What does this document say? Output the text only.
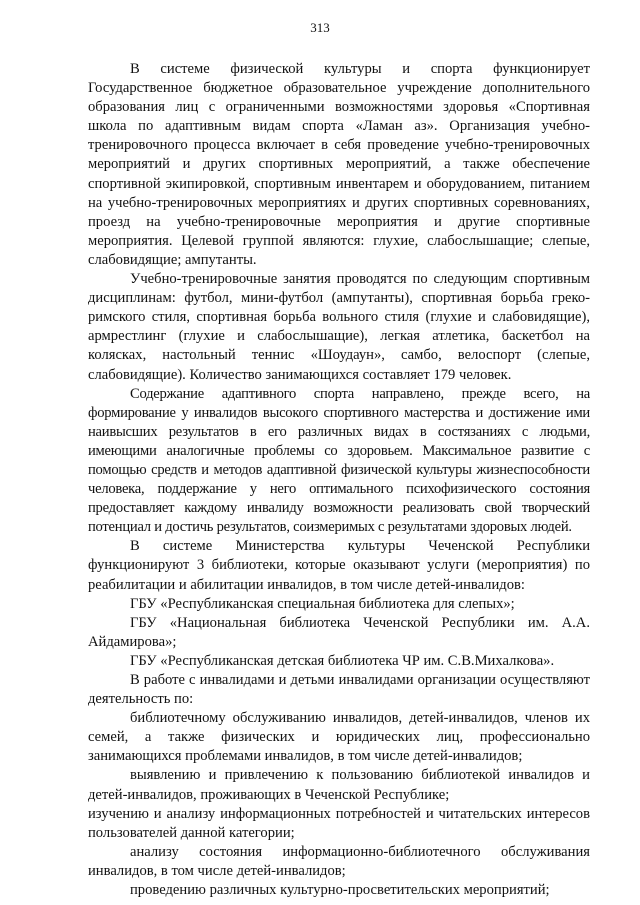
313

В системе физической культуры и спорта функционирует Государственное бюджетное образовательное учреждение дополнительного образования лиц с ограниченными возможностями здоровья «Спортивная школа по адаптивным видам спорта «Ламан аз». Организация учебно-тренировочного процесса включает в себя проведение учебно-тренировочных мероприятий и других спортивных мероприятий, а также обеспечение спортивной экипировкой, спортивным инвентарем и оборудованием, питанием на учебно-тренировочных мероприятиях и других спортивных соревнованиях, проезд на учебно-тренировочные мероприятия и другие спортивные мероприятия. Целевой группой являются: глухие, слабослышащие; слепые, слабовидящие; ампутанты.

Учебно-тренировочные занятия проводятся по следующим спортивным дисциплинам: футбол, мини-футбол (ампутанты), спортивная борьба греко-римского стиля, спортивная борьба вольного стиля (глухие и слабовидящие), армрестлинг (глухие и слабослышащие), легкая атлетика, баскетбол на колясках, настольный теннис «Шоудаун», самбо, велоспорт (слепые, слабовидящие). Количество занимающихся составляет 179 человек.

Содержание адаптивного спорта направлено, прежде всего, на формирование у инвалидов высокого спортивного мастерства и достижение ими наивысших результатов в его различных видах в состязаниях с людьми, имеющими аналогичные проблемы со здоровьем. Максимальное развитие с помощью средств и методов адаптивной физической культуры жизнеспособности человека, поддержание у него оптимального психофизического состояния предоставляет каждому инвалиду возможности реализовать свой творческий потенциал и достичь результатов, соизмеримых с результатами здоровых людей.

В системе Министерства культуры Чеченской Республики функционируют 3 библиотеки, которые оказывают услуги (мероприятия) по реабилитации и абилитации инвалидов, в том числе детей-инвалидов:

ГБУ «Республиканская специальная библиотека для слепых»;

ГБУ «Национальная библиотека Чеченской Республики им. А.А. Айдамирова»;

ГБУ «Республиканская детская библиотека ЧР им. С.В.Михалкова».

В работе с инвалидами и детьми инвалидами организации осуществляют деятельность по:

библиотечному обслуживанию инвалидов, детей-инвалидов, членов их семей, а также физических и юридических лиц, профессионально занимающихся проблемами инвалидов, в том числе детей-инвалидов;

выявлению и привлечению к пользованию библиотекой инвалидов и детей-инвалидов, проживающих в Чеченской Республике;

изучению и анализу информационных потребностей и читательских интересов пользователей данной категории;

анализу состояния информационно-библиотечного обслуживания инвалидов, в том числе детей-инвалидов;

проведению различных культурно-просветительских мероприятий;
